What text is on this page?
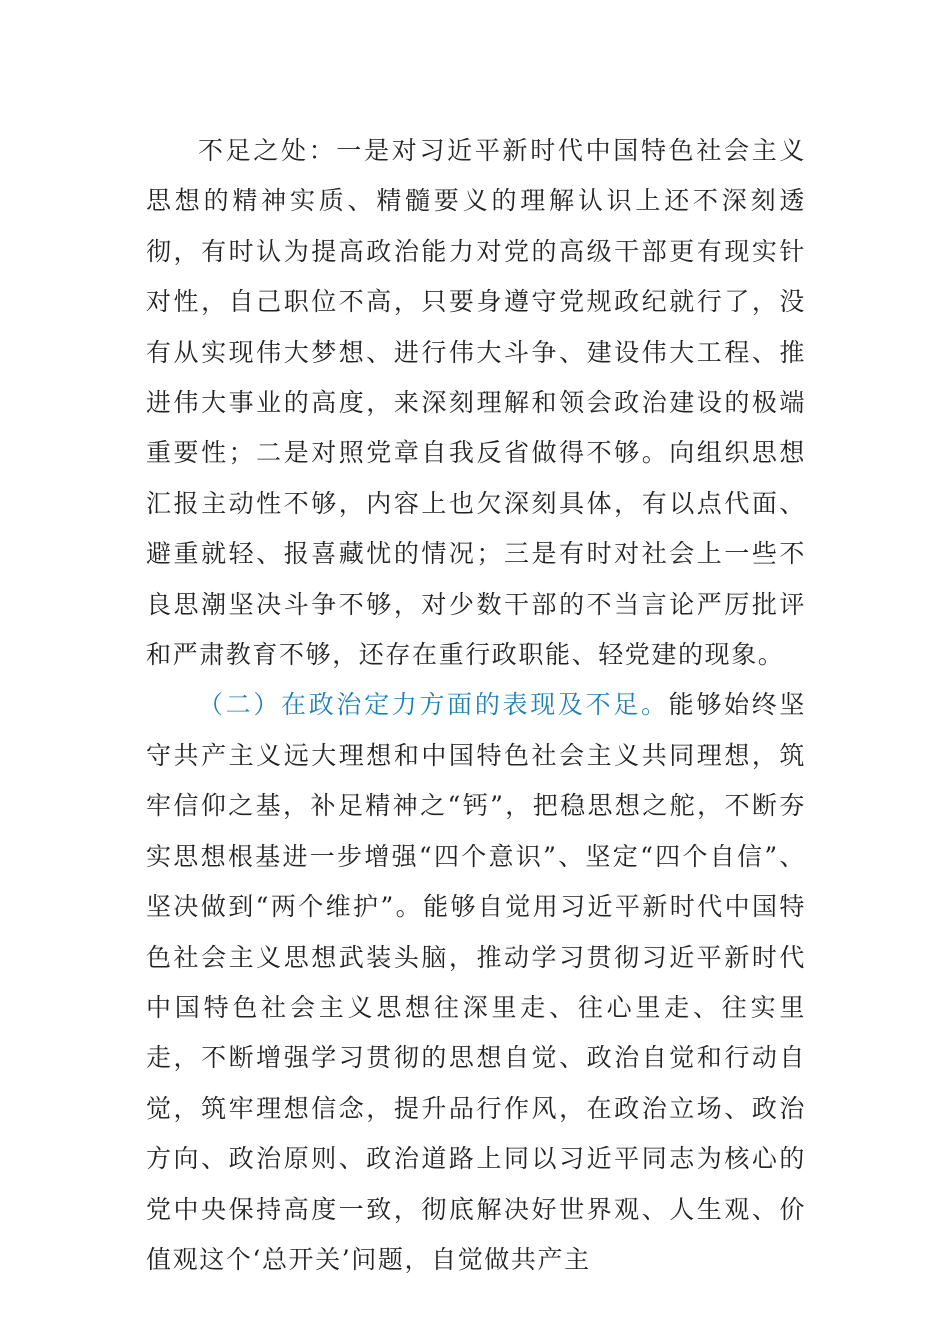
不足之处：一是对习近平新时代中国特色社会主义思想的精神实质、精髓要义的理解认识上还不深刻透彻，有时认为提高政治能力对党的高级干部更有现实针对性，自己职位不高，只要身遵守党规政纪就行了，没有从实现伟大梦想、进行伟大斗争、建设伟大工程、推进伟大事业的高度，来深刻理解和领会政治建设的极端重要性；二是对照党章自我反省做得不够。向组织思想汇报主动性不够，内容上也欠深刻具体，有以点代面、避重就轻、报喜藏忧的情况；三是有时对社会上一些不良思潮坚决斗争不够，对少数干部的不当言论严厉批评和严肃教育不够，还存在重行政职能、轻党建的现象。

（二）在政治定力方面的表现及不足。能够始终坚守共产主义远大理想和中国特色社会主义共同理想，筑牢信仰之基，补足精神之“钙”，把稳思想之舵，不断夯实思想根基进一步增强“四个意识”、坚定“四个自信”、坚决做到“两个维护”。能够自觉用习近平新时代中国特色社会主义思想武装头脑，推动学习贯彻习近平新时代中国特色社会主义思想往深里走、往心里走、往实里走，不断增强学习贯彻的思想自觉、政治自觉和行动自觉，筑牢理想信念，提升品行作风，在政治立场、政治方向、政治原则、政治道路上同以习近平同志为核心的党中央保持高度一致，彻底解决好世界观、人生观、价值观这个‘总开关’问题，自觉做共产主
